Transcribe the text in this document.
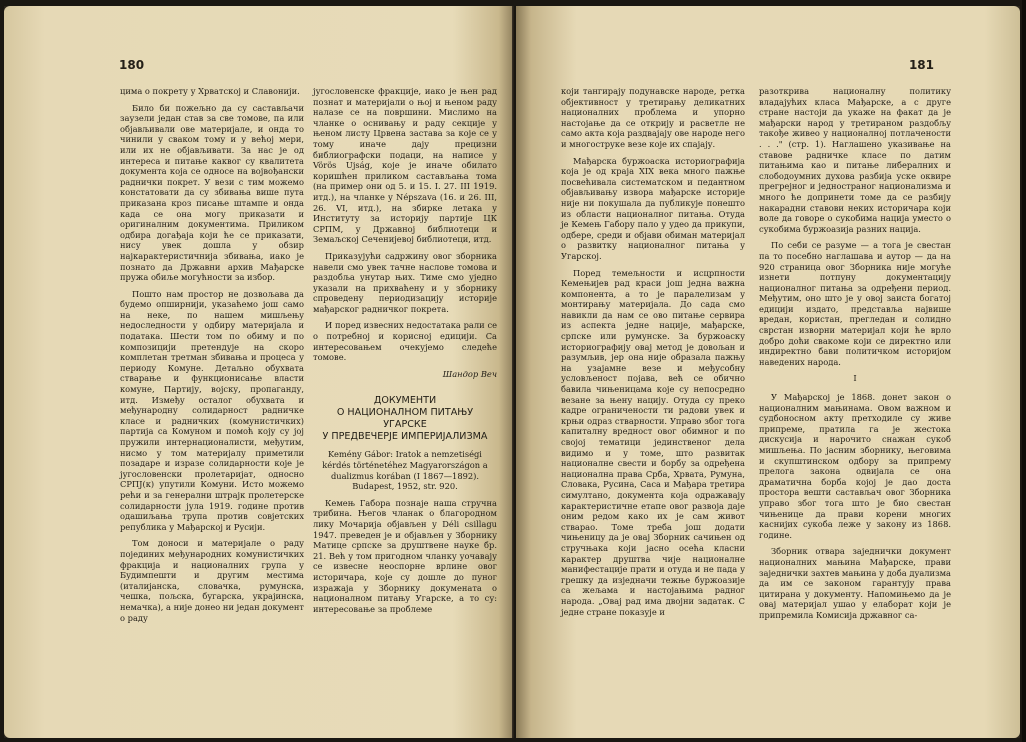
180

цима о покрету у Хрватској и Славонији.

Било би пожељно да су састављачи заузели један став за све томове, па или објављивали ове материјале, и онда то чинили у сваком тому и у већој мери, или их не објављивати. За нас је од интереса и питање каквог су квалитета документа која се односе на војвођански раднички покрет. У вези с тим можемо констатовати да су збивања више пута приказана кроз писање штампе и онда када се она могу приказати и оригиналним документима. Приликом одбира догађаја који ће се приказати, нису увек дошла у обзир најкарактеристичнија збивања, иако је познато да Државни архив Мађарске пружа обиље могућности за избор.

Пошто нам простор не дозвољава да будемо опширнији, указаћемо још само на неке, по нашем мишљењу недоследности у одбиру материјала и података. Шести том по обиму и по композицији претендује на скоро комплетан третман збивања и процеса у периоду Комуне. Детаљно обухвата стварање и функционисање власти комуне, Партију, војску, пропаганду, итд. Између осталог обухвата и међународну солидарност радничке класе и радничких (комунистичких) партија са Комуном и помоћ коју су јој пружили интернационалисти, међутим, нисмо у том материјалу приметили позадаре и изразе солидарности које је југословенски пролетаријат, односно СРПЈ(к) упутили Комуни. Исто можемо рећи и за генерални штрајк пролетерске солидарности јула 1919. године против одашиљања трупа против совјетских република у Мађарској и Русији.

Том доноси и материјале о раду појединих међународних комунистичких фракција и националних група у Будимпешти и другим местима (италијанска, словачка, румунска, чешка, пољска, бугарска, украјинска, немачка), а није донео ни један документ о раду

југословенске фракције, иако је њен рад познат и материјали о њој и њеном раду налазе се на површини. Мислимо на чланке о оснивању и раду секције у њеном листу Црвена застава за које се у тому иначе дају прецизни библиографски подаци, на написе у Vörös Ujság, које је иначе обилато коришћен приликом састављања тома (на пример они од 5. и 15. I. 27. III 1919. итд.), на чланке у Népszava (16. и 26. III, 26. VI, итд.), на збирке летака у Институту за историју партије ЦК СРПМ, у Државној библиотеци и Земаљској Сеченијевој библиотеци, итд.

Приказујући садржину овог зборника навели смо увек тачне наслове томова и раздобља унутар њих. Тиме смо уједно указали на прихваћену и у зборнику спроведену периодизацију историје мађарског радничког покрета.

И поред извесних недостатака рали се о потребној и корисној едицији. Са интересовањем очекујемо следеће томове.

Шандор Веч
ДОКУМЕНТИ
О НАЦИОНАЛНОМ ПИТАЊУ
УГАРСКЕ
У ПРЕДВЕЧЕРЈЕ ИМПЕРИЈАЛИЗМА

Kemény Gábor: Iratok a nemzetiségi kérdés történetéhez Magyarországon a dualizmus korában (I 1867—1892). Budapest, 1952, str. 920.

Кемењ Габора познаје наша стручна трибина. Његов чланак о благородном лику Мочарија објављен у Déli csillagu 1947. преведен је и објављен у Зборнику Матице српске за друштвене науке бр. 21. Већ у том пригодном чланку уочавају се извесне неоспорне врлине овог историчара, које су дошле до пуног изражаја у Зборнику докумената о националном питању Угарске, а то су: интересовање за проблеме

181

који тангирају подунавске народе, ретка објективност у третирању деликатних националних проблема и упорно настојање да се открију и расветле не само акта која раздвајају ове народе него и многоструке везе које их спајају.

Мађарска буржоаска историографија која је од краја XIX века много пажње посвећивала систематском и педантном објављивању извора мађарске историје није ни покушала да публикује понешто из области националног питања. Отуда је Кемењ Габору пало у удео да прикупи, одбере, среди и објави обиман материјал о развитку националног питања у Угарској.

Поред темељности и исцрпности Кемењијев рад краси још једна важна компонента, а то је паралелизам у монтирању материјала. До сада смо навикли да нам се ово питање сервира из аспекта једне нације, мађарске, српске или румунске. За буржоаску историографију овај метод је довољан и разумљив, јер она није образала пажњу на узајамне везе и међусобну условљеност појава, већ се обично бавила чињеницама које су непосредно везане за њену нацију. Отуда су преко кадре ограничености ти радови увек и крњи одраз стварности. Управо због тога капиталну вредност овог обимног и по својој тематици јединственог дела видимо и у томе, што развитак националне свести и борбу за одређена национална права Срба, Хрвата, Румуна, Словака, Русина, Саса и Мађара третира симултано, документа која одражавају карактеристичне етапе овог развоја даје оним редом како их је сам живот стварао. Томе треба још додати чињеницу да је овај Зборник сачињен од стручњака који јасно осећа класни карактер друштва чије националне манифестације прати и отуда и не пада у грешку да изједначи тежње буржоазије са жељама и настојањима радног народа. „Овај рад има двојни задатак. С једне стране показује и

разоткрива националну политику владајућих класа Мађарске, а с друге стране настоји да укаже на факат да је мађарски народ у третираном раздобљу такође живео у националној потлачености . . ." (стр. 1). Наглашено указивање на ставове радничке класе по датим питањима као и питање либералних и слободоумних духова разбија уске оквире прегрејног и једностраног национализма и много ће допринети томе да се разбију накарадни ставови неких историчара који воле да говоре о сукобима нација уместо о сукобима буржоазија разних нација.

По себи се разуме — а тога је свестан па то посебно наглашава и аутор — да на 920 страница овог Зборника није могуће изнети потпуну документацију националног питања за одређени период. Међутим, оно што је у овој заиста богатој едицији издато, представља највише вредан, користан, прегледан и солидно сврстан изворни материјал који ће врло добро доћи свакоме који се директно или индиректно бави политичком историјом наведених народа.

I

У Мађарској је 1868. донет закон о националним мањинама. Овом важном и судбоносном акту претходиле су живе припреме, пратила га је жестока дискусија и нарочито снажан сукоб мишљења. По јасним зборнику, његовима и скупштинском одбору за припрему прелога закона одвијала се она драматична борба којој је дао доста простора вешти састављач овог Зборника управо због тога што је био свестан чињенице да прави корени многих каснијих сукоба леже у закону из 1868. године.

Зборник отвара заједнички документ националних мањина Мађарске, прави заједнички захтев мањина у доба дуализма да им се законом гарантују права цитирана у документу. Напомињемо да је овај материјал ушао у елаборат који је припремила Комисија државног са-
